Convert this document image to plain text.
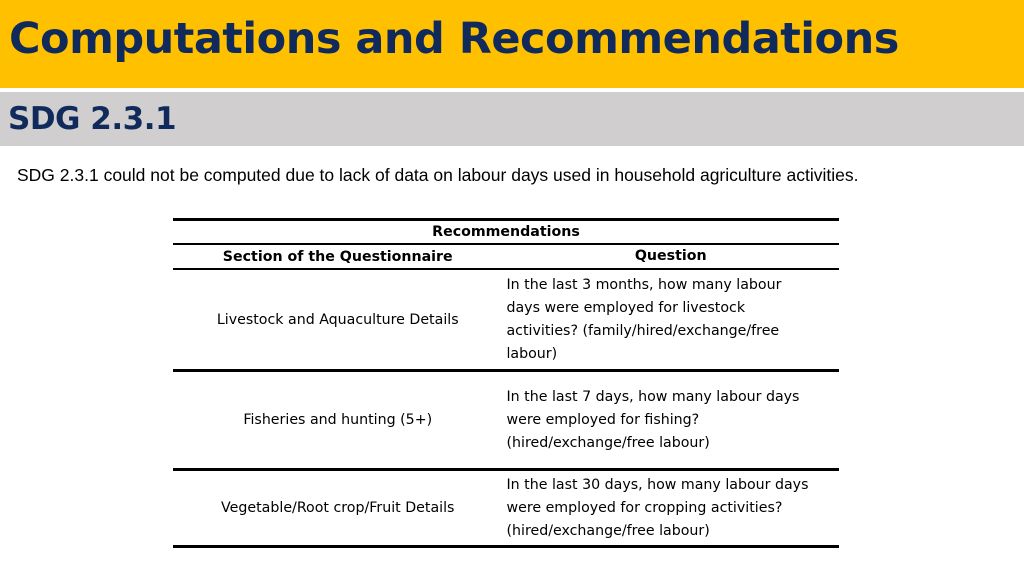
Computations and Recommendations
SDG 2.3.1
SDG 2.3.1 could not be computed due to lack of data on labour days used in household agriculture activities.
Recommendations	
Section of the Questionnaire	Question
Livestock and Aquaculture Details	In the last 3 months, how many labour
days were employed for livestock
activities? (family/hired/exchange/free
labour)

Fisheries and hunting (5+)	In the last 7 days, how many labour days
were employed for fishing?
(hired/exchange/free labour)

Vegetable/Root crop/Fruit Details	In the last 30 days, how many labour days
were employed for cropping activities?
(hired/exchange/free labour)
